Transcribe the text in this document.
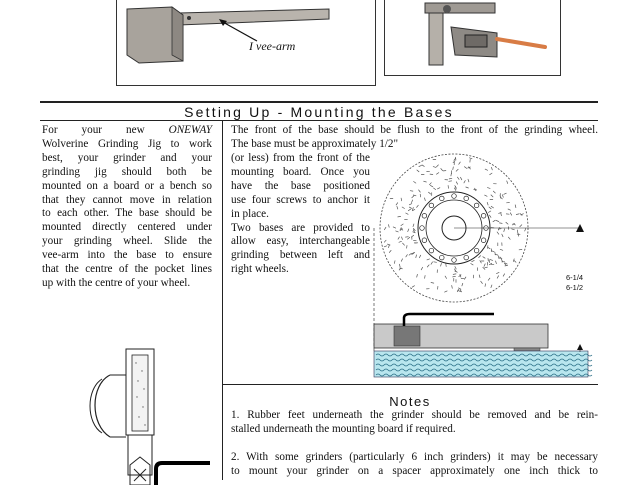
I vee-arm
Setting Up - Mounting the Bases

For your new ONEWAY

Wolverine Grinding Jig to work

best, your grinder and your

grinding jig should both be

mounted on a board or a bench so

that they cannot move in relation

to each other. The base should be

mounted directly centered under

your grinding wheel. Slide the

vee-arm into the base to ensure

that the centre of the pocket lines

up with the centre of your wheel.

The front of the base should be flush to the front of the grinding wheel.
The base must be approximately 1/2"
(or less) from the front of the
mounting board. Once you
have the base positioned
use four screws to anchor it
in place.
Two bases are provided to
allow easy, interchangeable
grinding between left and
right wheels.
6-1/4
6-1/2
Notes
1. Rubber feet underneath the grinder should be removed and be rein-
stalled underneath the mounting board if required.
2. With some grinders (particularly 6 inch grinders) it may be necessary
to mount your grinder on a spacer approximately one inch thick to
